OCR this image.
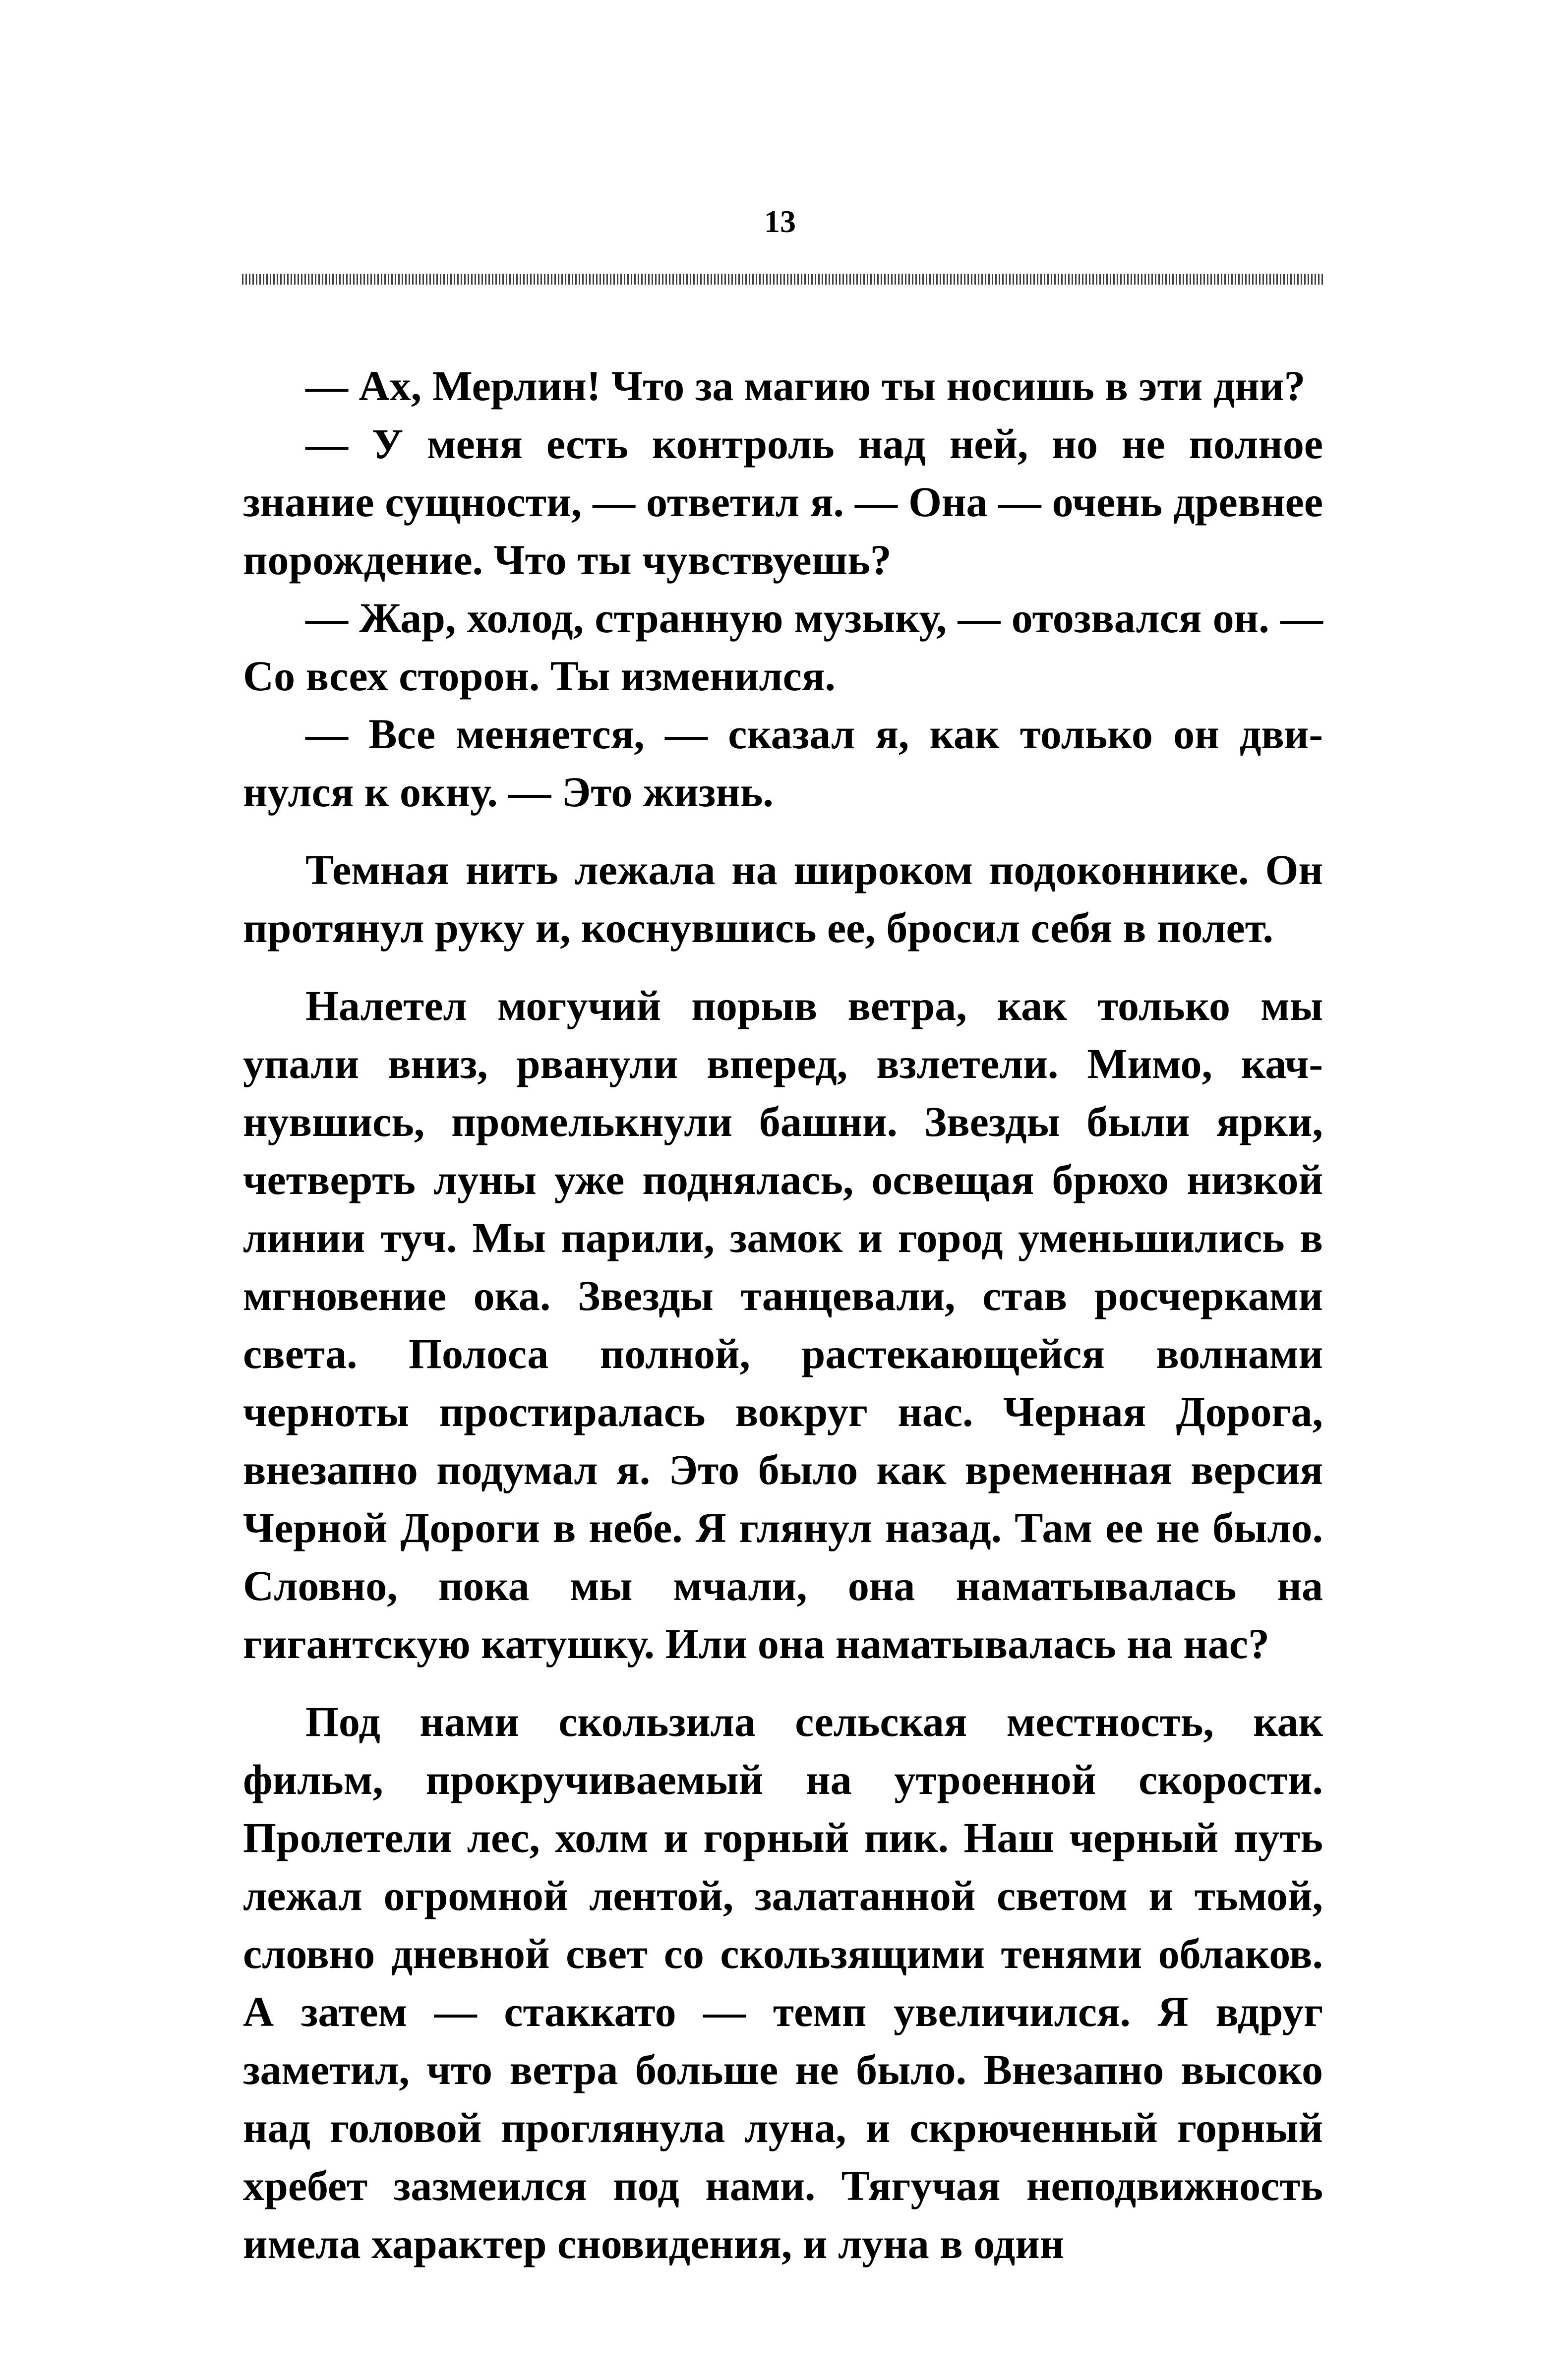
13

— Ах, Мерлин! Что за магию ты носишь в эти дни?

— У меня есть контроль над ней, но не полное знание сущности, — ответил я. — Она — очень древнее порождение. Что ты чувствуешь?

— Жар, холод, странную музыку, — отозвался он. — Со всех сторон. Ты изменился.

— Все меняется, — сказал я, как только он двинулся к окну. — Это жизнь.

Темная нить лежала на широком подоконнике. Он протянул руку и, коснувшись ее, бросил себя в полет.

Налетел могучий порыв ветра, как только мы упали вниз, рванули вперед, взлетели. Мимо, качнувшись, промелькнули башни. Звезды были ярки, четверть луны уже поднялась, освещая брюхо низкой линии туч. Мы парили, замок и город уменьшились в мгновение ока. Звезды танцевали, став росчерками света. Полоса полной, растекающейся волнами черноты простиралась вокруг нас. Черная Дорога, внезапно подумал я. Это было как временная версия Черной Дороги в небе. Я глянул назад. Там ее не было. Словно, пока мы мчали, она наматывалась на гигантскую катушку. Или она наматывалась на нас?

Под нами скользила сельская местность, как фильм, прокручиваемый на утроенной скорости. Пролетели лес, холм и горный пик. Наш черный путь лежал огромной лентой, залатанной светом и тьмой, словно дневной свет со скользящими тенями облаков. А затем — стаккато — темп увеличился. Я вдруг заметил, что ветра больше не было. Внезапно высоко над головой проглянула луна, и скрюченный горный хребет зазмеился под нами. Тягучая неподвижность имела характер сновидения, и луна в один
